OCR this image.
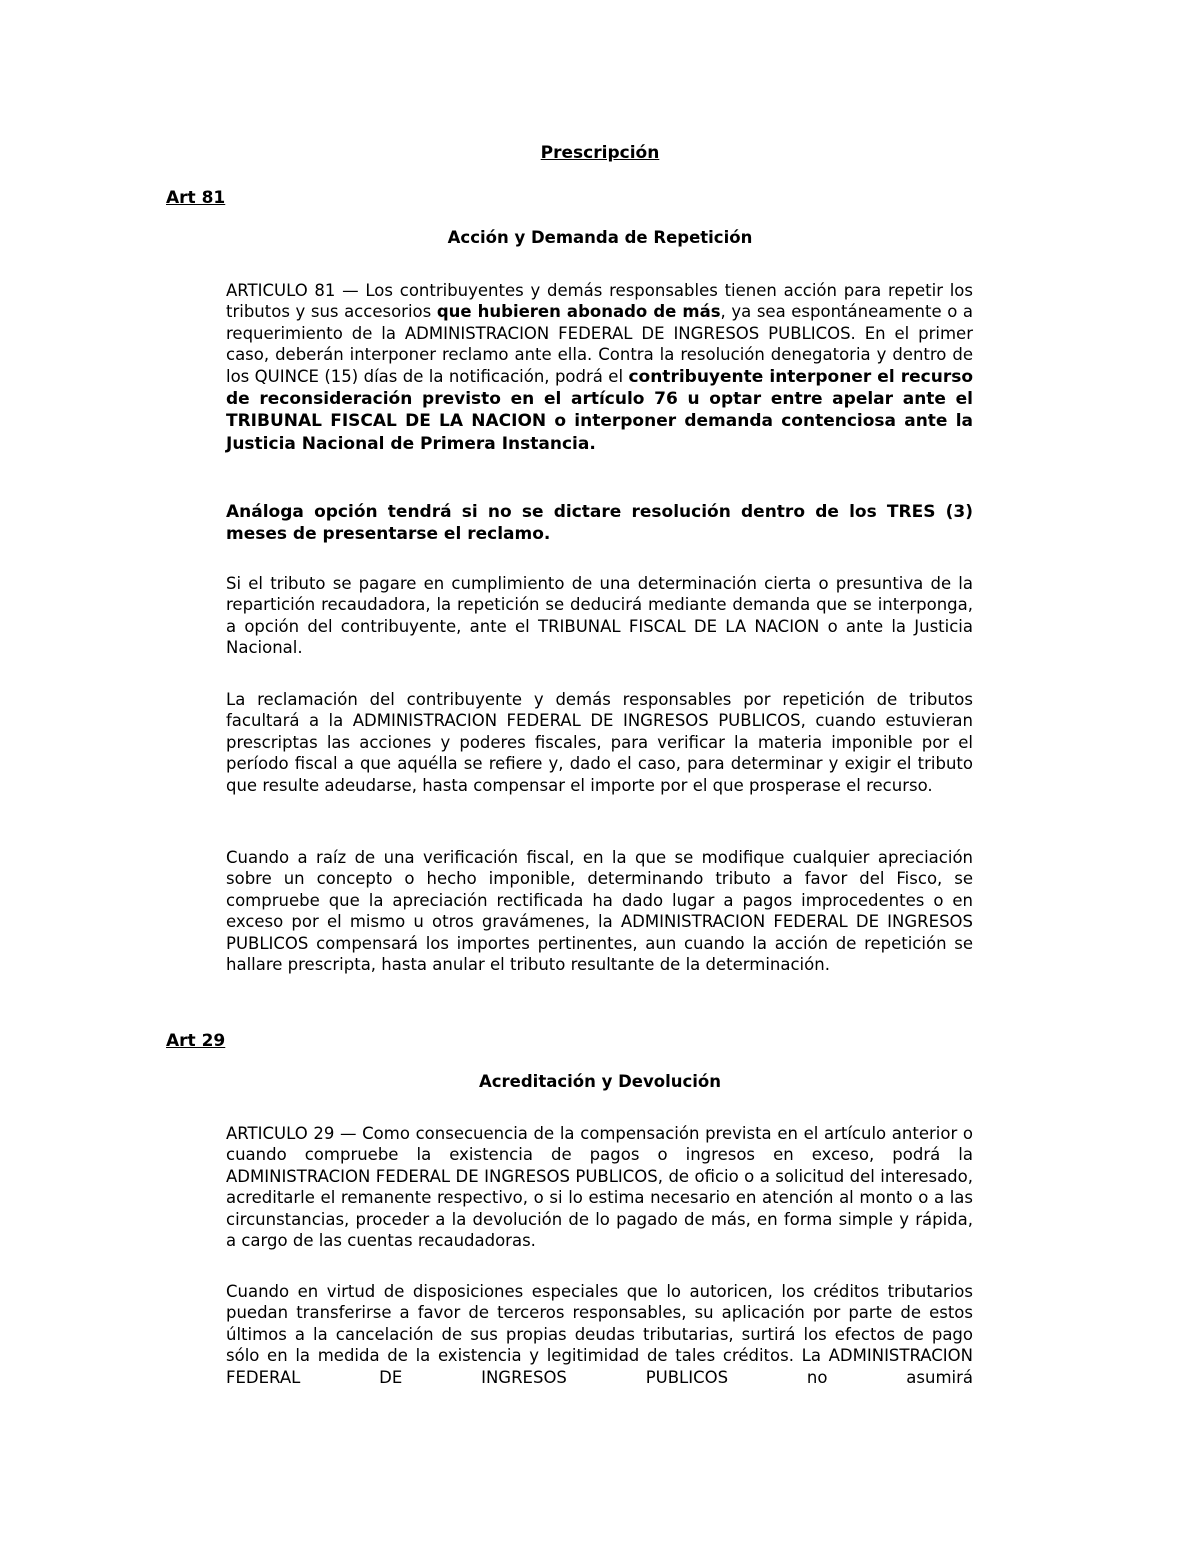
Prescripción
Art 81
Acción y Demanda de Repetición

ARTICULO 81 — Los contribuyentes y demás responsables tienen acción para repetir los tributos y sus accesorios que hubieren abonado de más, ya sea espontáneamente o a requerimiento de la ADMINISTRACION FEDERAL DE INGRESOS PUBLICOS. En el primer caso, deberán interponer reclamo ante ella. Contra la resolución denegatoria y dentro de los QUINCE (15) días de la notificación, podrá el contribuyente interponer el recurso de reconsideración previsto en el artículo 76 u optar entre apelar ante el TRIBUNAL FISCAL DE LA NACION o interponer demanda contenciosa ante la Justicia Nacional de Primera Instancia.

Análoga opción tendrá si no se dictare resolución dentro de los TRES (3) meses de presentarse el reclamo.

Si el tributo se pagare en cumplimiento de una determinación cierta o presuntiva de la repartición recaudadora, la repetición se deducirá mediante demanda que se interponga, a opción del contribuyente, ante el TRIBUNAL FISCAL DE LA NACION o ante la Justicia Nacional.

La reclamación del contribuyente y demás responsables por repetición de tributos facultará a la ADMINISTRACION FEDERAL DE INGRESOS PUBLICOS, cuando estuvieran prescriptas las acciones y poderes fiscales, para verificar la materia imponible por el período fiscal a que aquélla se refiere y, dado el caso, para determinar y exigir el tributo que resulte adeudarse, hasta compensar el importe por el que prosperase el recurso.

Cuando a raíz de una verificación fiscal, en la que se modifique cualquier apreciación sobre un concepto o hecho imponible, determinando tributo a favor del Fisco, se compruebe que la apreciación rectificada ha dado lugar a pagos improcedentes o en exceso por el mismo u otros gravámenes, la ADMINISTRACION FEDERAL DE INGRESOS PUBLICOS compensará los importes pertinentes, aun cuando la acción de repetición se hallare prescripta, hasta anular el tributo resultante de la determinación.

Art 29
Acreditación y Devolución

ARTICULO 29 — Como consecuencia de la compensación prevista en el artículo anterior o cuando compruebe la existencia de pagos o ingresos en exceso, podrá la ADMINISTRACION FEDERAL DE INGRESOS PUBLICOS, de oficio o a solicitud del interesado, acreditarle el remanente respectivo, o si lo estima necesario en atención al monto o a las circunstancias, proceder a la devolución de lo pagado de más, en forma simple y rápida, a cargo de las cuentas recaudadoras.

Cuando en virtud de disposiciones especiales que lo autoricen, los créditos tributarios puedan transferirse a favor de terceros responsables, su aplicación por parte de estos últimos a la cancelación de sus propias deudas tributarias, surtirá los efectos de pago sólo en la medida de la existencia y legitimidad de tales créditos. La ADMINISTRACION FEDERAL DE INGRESOS PUBLICOS no asumirá
